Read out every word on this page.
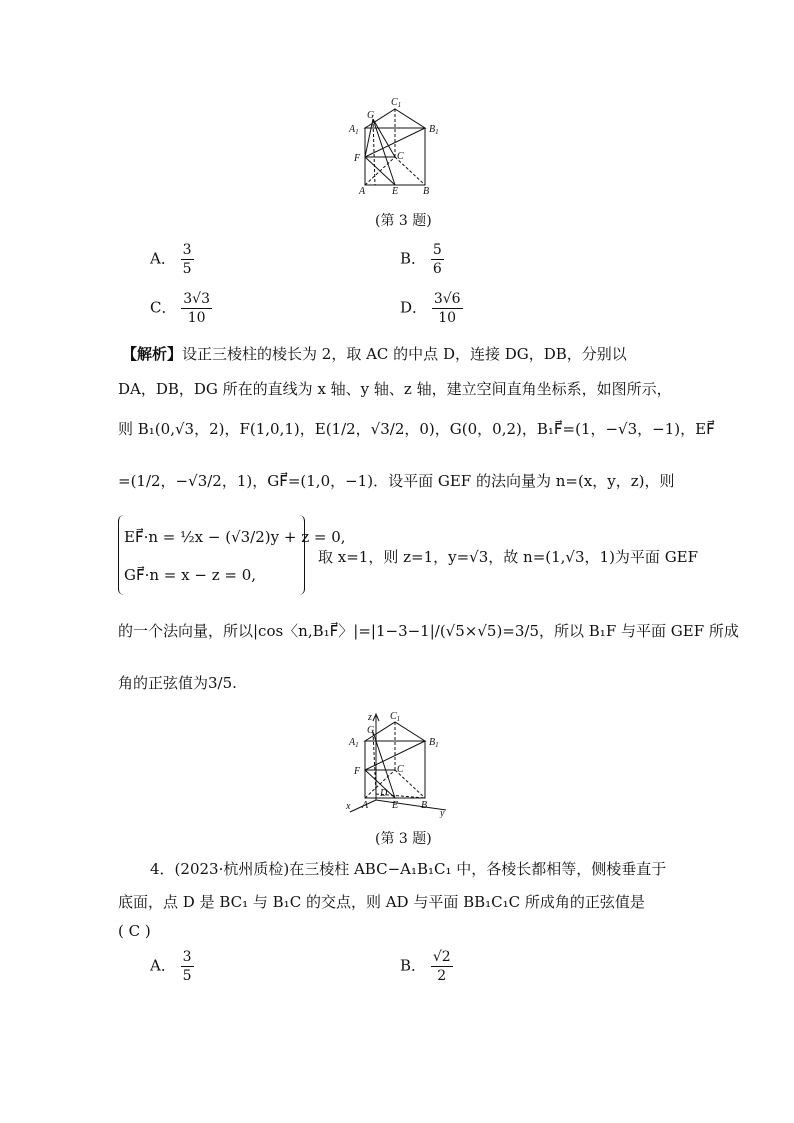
$C_1$
G
$A_1$	$B_1$
F	C
A	E B
(第 3 题)
A． $\frac{3}{5}$	B． $\frac{5}{6}$
C． $\frac{3√3}{10}$	D． $\frac{3√6}{10}$
【解析】设正三棱柱的棱长为 2，取 AC 的中点 D，连接 DG，DB，分别以
DA，DB，DG 所在的直线为 x 轴、y 轴、z 轴，建立空间直角坐标系，如图所示，
则 B₁(0,√3，2)，F(1,0,1)，E(1/2，√3/2，0)，G(0，0,2)，B₁F⃗=(1，−√3，−1)，EF⃗
=(1/2，−√3/2，1)，GF⃗=(1,0，−1)．设平面 GEF 的法向量为 n=(x，y，z)，则
EF⃗·n = ½x − (√3/2)y + z = 0,
GF⃗·n = x − z = 0,
取 x=1，则 z=1，y=√3，故 n=(1,√3，1)为平面 GEF
的一个法向量，所以|cos〈n,B₁F⃗〉|=|1−3−1|/(√5×√5)=3/5，所以 B₁F 与平面 GEF 所成
角的正弦值为3/5.
z $C_1$
G
$A_1$	$B_1$
F	C
D
x A E B
y
(第 3 题)
4．(2023·杭州质检)在三棱柱 ABC−A₁B₁C₁ 中，各棱长都相等，侧棱垂直于
底面，点 D 是 BC₁ 与 B₁C 的交点，则 AD 与平面 BB₁C₁C 所成角的正弦值是
( C )
A． $\frac{3}{5}$	B． $\frac{√2}{2}$
